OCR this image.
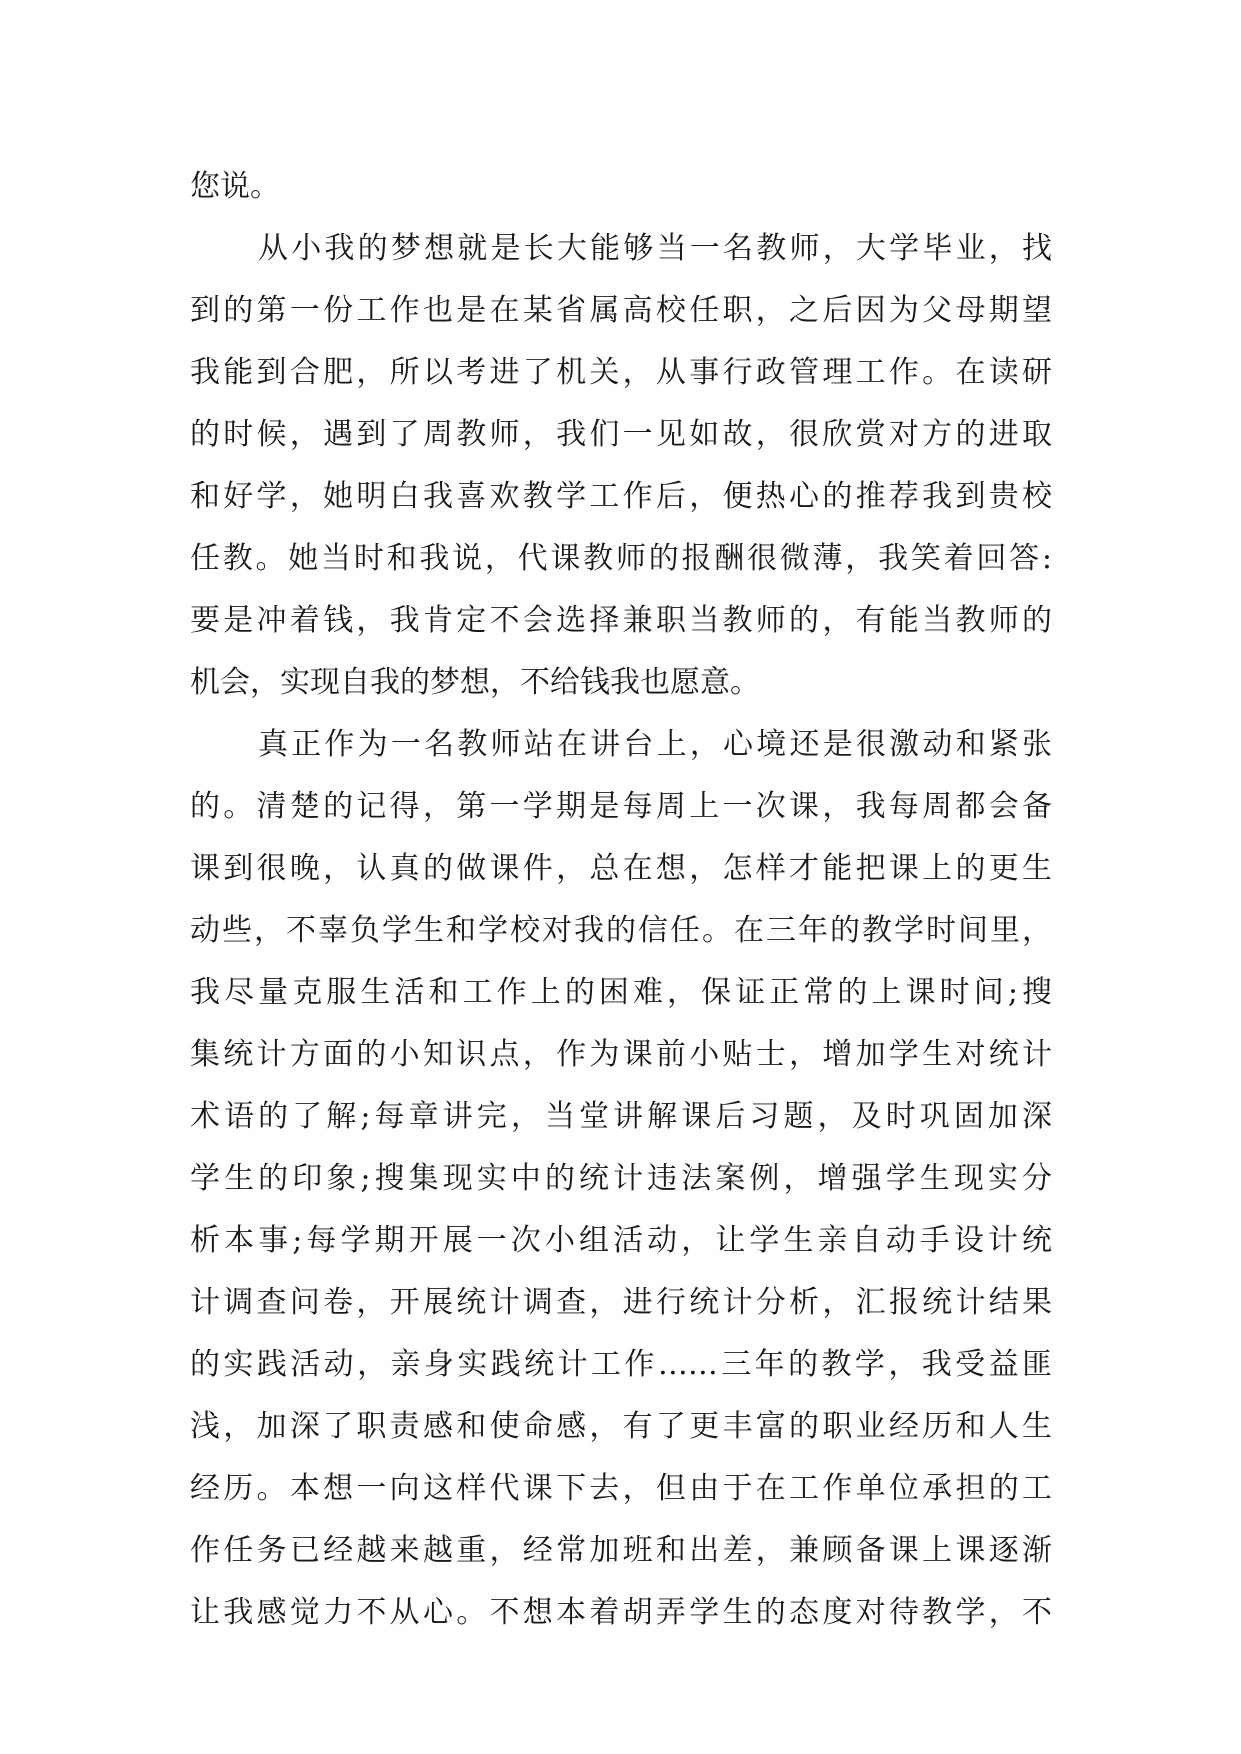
您说。
从小我的梦想就是长大能够当一名教师，大学毕业，找
到的第一份工作也是在某省属高校任职，之后因为父母期望
我能到合肥，所以考进了机关，从事行政管理工作。在读研
的时候，遇到了周教师，我们一见如故，很欣赏对方的进取
和好学，她明白我喜欢教学工作后，便热心的推荐我到贵校
任教。她当时和我说，代课教师的报酬很微薄，我笑着回答:
要是冲着钱，我肯定不会选择兼职当教师的，有能当教师的
机会，实现自我的梦想，不给钱我也愿意。
真正作为一名教师站在讲台上，心境还是很激动和紧张
的。清楚的记得，第一学期是每周上一次课，我每周都会备
课到很晚，认真的做课件，总在想，怎样才能把课上的更生
动些，不辜负学生和学校对我的信任。在三年的教学时间里，
我尽量克服生活和工作上的困难，保证正常的上课时间;搜
集统计方面的小知识点，作为课前小贴士，增加学生对统计
术语的了解;每章讲完，当堂讲解课后习题，及时巩固加深
学生的印象;搜集现实中的统计违法案例，增强学生现实分
析本事;每学期开展一次小组活动，让学生亲自动手设计统
计调查问卷，开展统计调查，进行统计分析，汇报统计结果
的实践活动，亲身实践统计工作……三年的教学，我受益匪
浅，加深了职责感和使命感，有了更丰富的职业经历和人生
经历。本想一向这样代课下去，但由于在工作单位承担的工
作任务已经越来越重，经常加班和出差，兼顾备课上课逐渐
让我感觉力不从心。不想本着胡弄学生的态度对待教学，不
